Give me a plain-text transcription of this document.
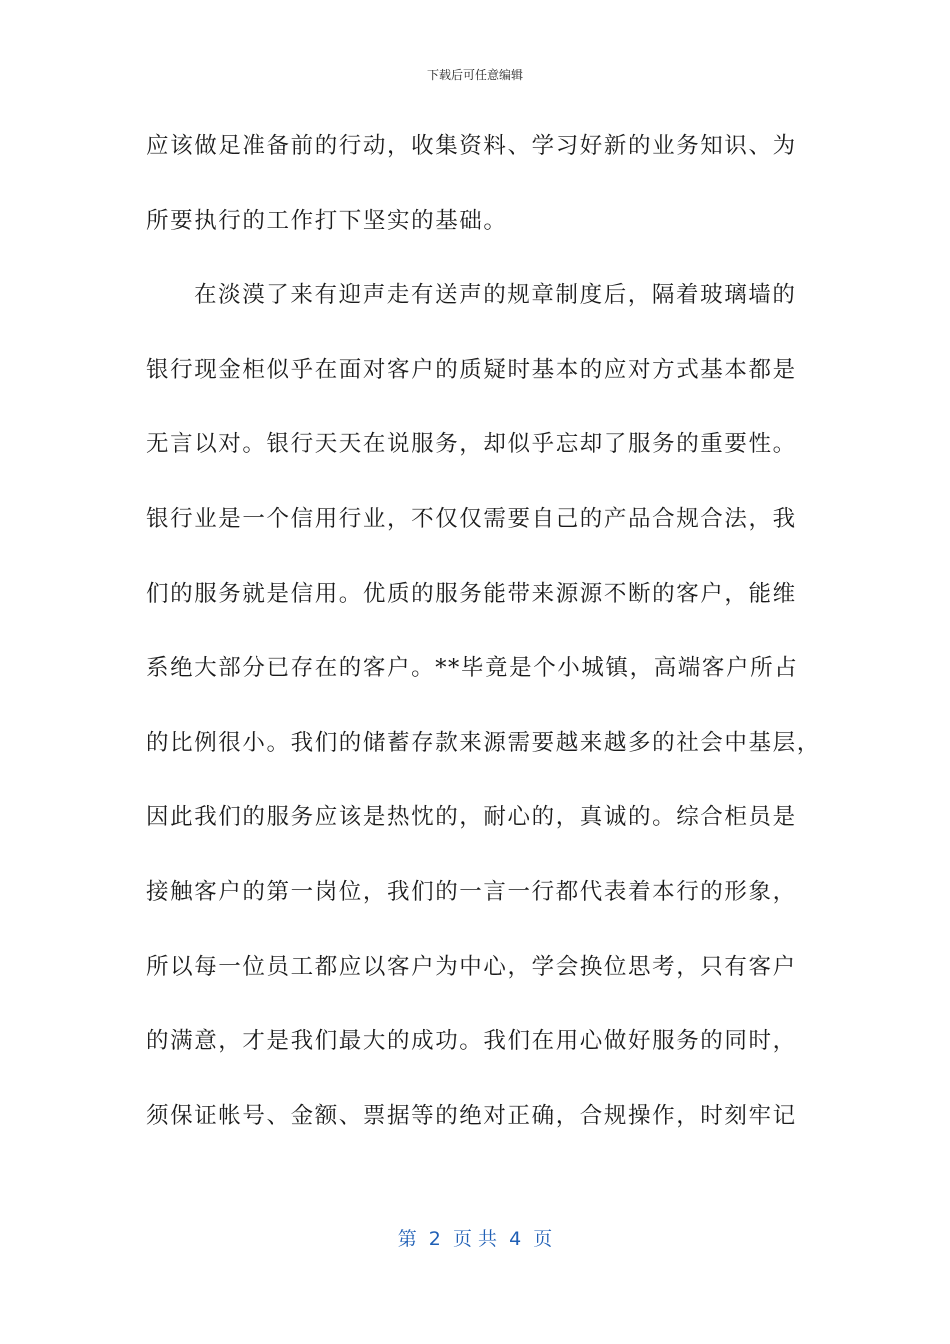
下载后可任意编辑
应该做足准备前的行动，收集资料、学习好新的业务知识、为
所要执行的工作打下坚实的基础。
在淡漠了来有迎声走有送声的规章制度后，隔着玻璃墙的
银行现金柜似乎在面对客户的质疑时基本的应对方式基本都是
无言以对。银行天天在说服务，却似乎忘却了服务的重要性。
银行业是一个信用行业，不仅仅需要自己的产品合规合法，我
们的服务就是信用。优质的服务能带来源源不断的客户，能维
系绝大部分已存在的客户。**毕竟是个小城镇，高端客户所占
的比例很小。我们的储蓄存款来源需要越来越多的社会中基层，
因此我们的服务应该是热忱的，耐心的，真诚的。综合柜员是
接触客户的第一岗位，我们的一言一行都代表着本行的形象，
所以每一位员工都应以客户为中心，学会换位思考，只有客户
的满意，才是我们最大的成功。我们在用心做好服务的同时，
须保证帐号、金额、票据等的绝对正确，合规操作，时刻牢记
第  2  页 共  4  页
